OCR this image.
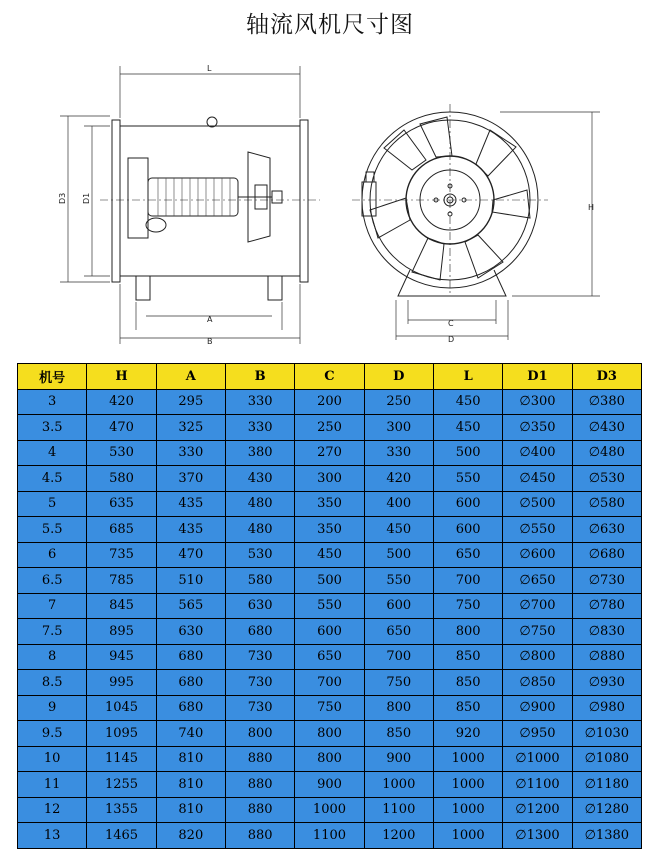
轴流风机尺寸图
L
A
B
D3 D1
H
C
D
机号	H	A	B	C	D	L	D1	D3
3	420	295	330	200	250	450	∅300	∅380
3.5	470	325	330	250	300	450	∅350	∅430
4	530	330	380	270	330	500	∅400	∅480
4.5	580	370	430	300	420	550	∅450	∅530
5	635	435	480	350	400	600	∅500	∅580
5.5	685	435	480	350	450	600	∅550	∅630
6	735	470	530	450	500	650	∅600	∅680
6.5	785	510	580	500	550	700	∅650	∅730
7	845	565	630	550	600	750	∅700	∅780
7.5	895	630	680	600	650	800	∅750	∅830
8	945	680	730	650	700	850	∅800	∅880
8.5	995	680	730	700	750	850	∅850	∅930
9	1045	680	730	750	800	850	∅900	∅980
9.5	1095	740	800	800	850	920	∅950	∅1030
10	1145	810	880	800	900	1000	∅1000	∅1080
11	1255	810	880	900	1000	1000	∅1100	∅1180
12	1355	810	880	1000	1100	1000	∅1200	∅1280
13	1465	820	880	1100	1200	1000	∅1300	∅1380
